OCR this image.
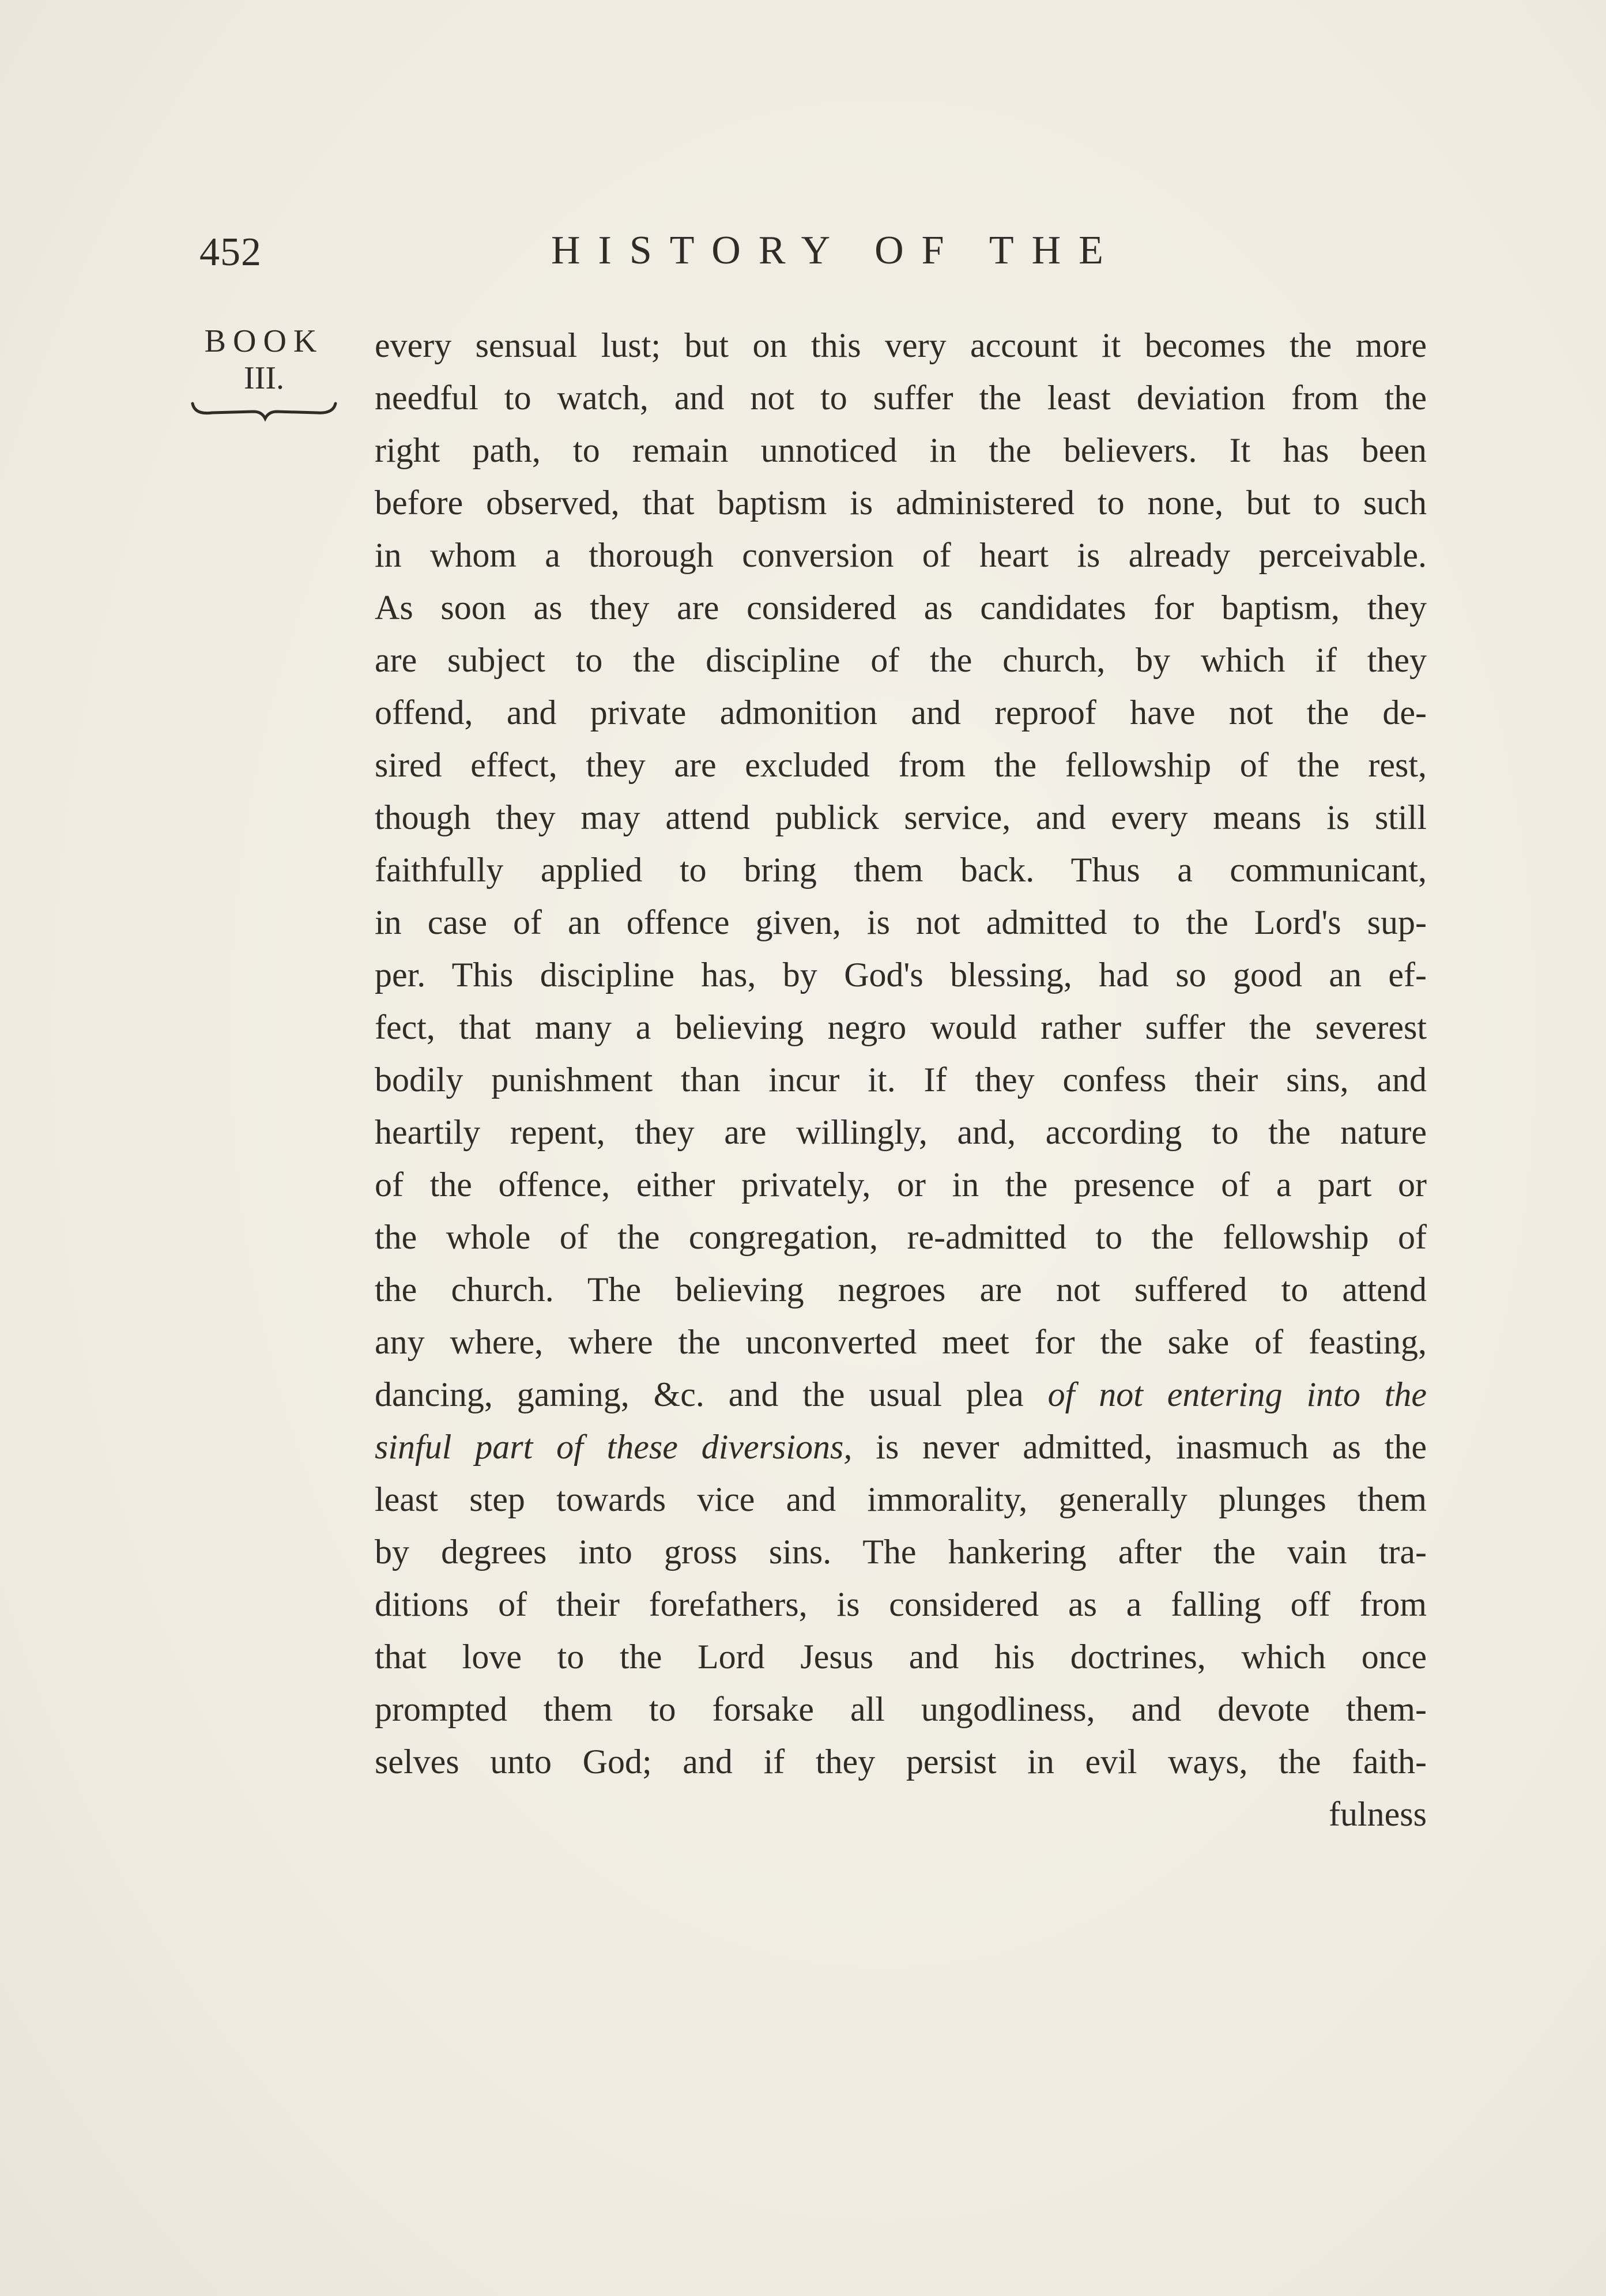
452	HISTORY OF THE
BOOK
III.
every sensual lust; but on this very account it becomes the more
needful to watch, and not to suffer the least deviation from the
right path, to remain unnoticed in the believers. It has been
before observed, that baptism is administered to none, but to such
in whom a thorough conversion of heart is already perceivable.
As soon as they are considered as candidates for baptism, they
are subject to the discipline of the church, by which if they
offend, and private admonition and reproof have not the de-
sired effect, they are excluded from the fellowship of the rest,
though they may attend publick service, and every means is still
faithfully applied to bring them back. Thus a communicant,
in case of an offence given, is not admitted to the Lord's sup-
per. This discipline has, by God's blessing, had so good an ef-
fect, that many a believing negro would rather suffer the severest
bodily punishment than incur it. If they confess their sins, and
heartily repent, they are willingly, and, according to the nature
of the offence, either privately, or in the presence of a part or
the whole of the congregation, re-admitted to the fellowship of
the church. The believing negroes are not suffered to attend
any where, where the unconverted meet for the sake of feasting,
dancing, gaming, &c. and the usual plea of not entering into the
sinful part of these diversions, is never admitted, inasmuch as the
least step towards vice and immorality, generally plunges them
by degrees into gross sins. The hankering after the vain tra-
ditions of their forefathers, is considered as a falling off from
that love to the Lord Jesus and his doctrines, which once
prompted them to forsake all ungodliness, and devote them-
selves unto God; and if they persist in evil ways, the faith-
fulness
